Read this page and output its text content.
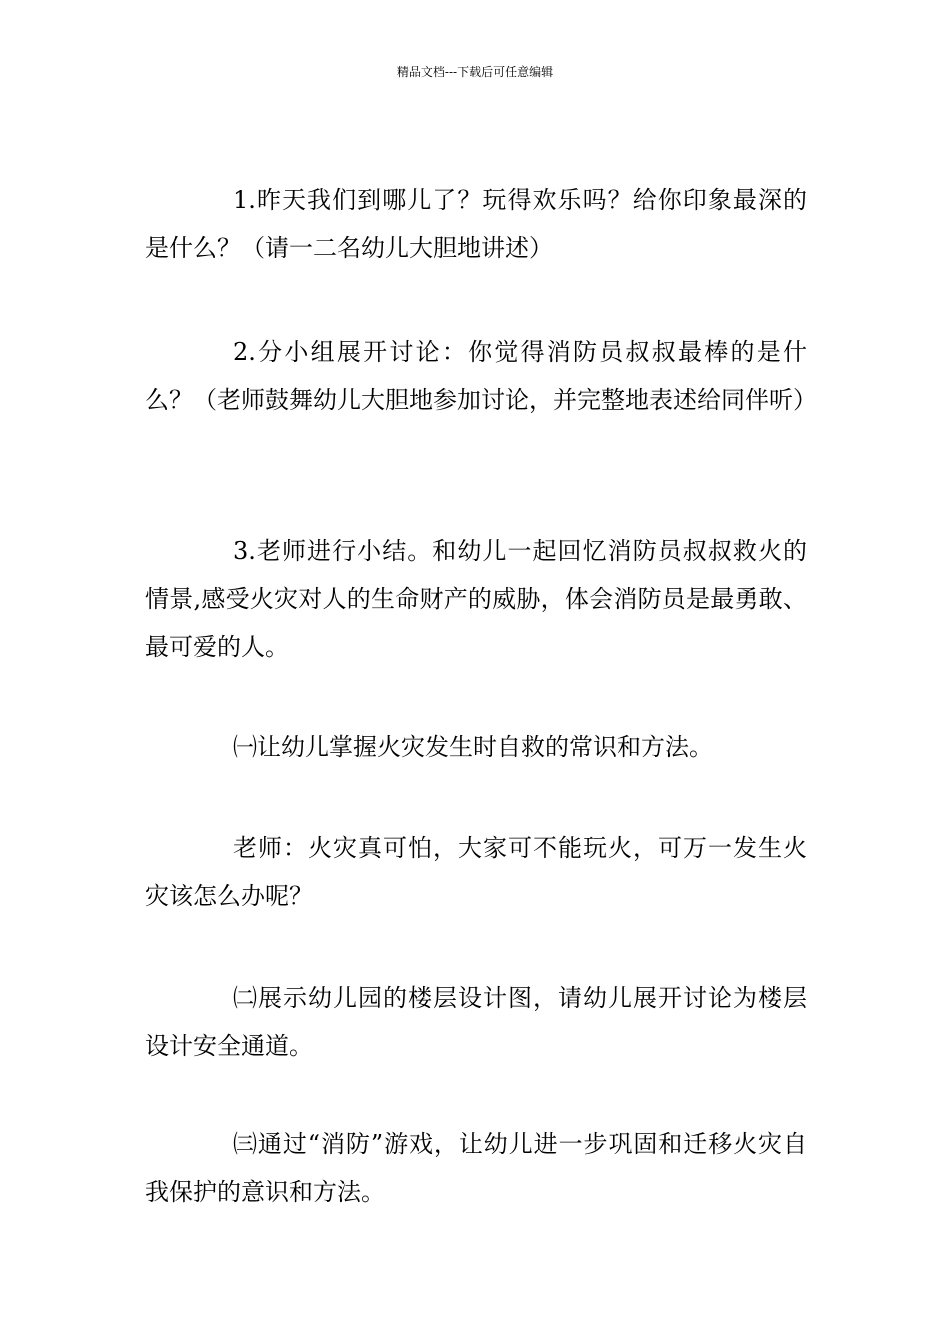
精品文档---下载后可任意编辑

1.昨天我们到哪儿了？玩得欢乐吗？给你印象最深的是什么？（请一二名幼儿大胆地讲述）

2.分小组展开讨论：你觉得消防员叔叔最棒的是什么？（老师鼓舞幼儿大胆地参加讨论，并完整地表述给同伴听）

3.老师进行小结。和幼儿一起回忆消防员叔叔救火的情景,感受火灾对人的生命财产的威胁，体会消防员是最勇敢、最可爱的人。

㈠让幼儿掌握火灾发生时自救的常识和方法。

老师：火灾真可怕，大家可不能玩火，可万一发生火灾该怎么办呢？

㈡展示幼儿园的楼层设计图，请幼儿展开讨论为楼层设计安全通道。

㈢通过“消防”游戏，让幼儿进一步巩固和迁移火灾自我保护的意识和方法。
